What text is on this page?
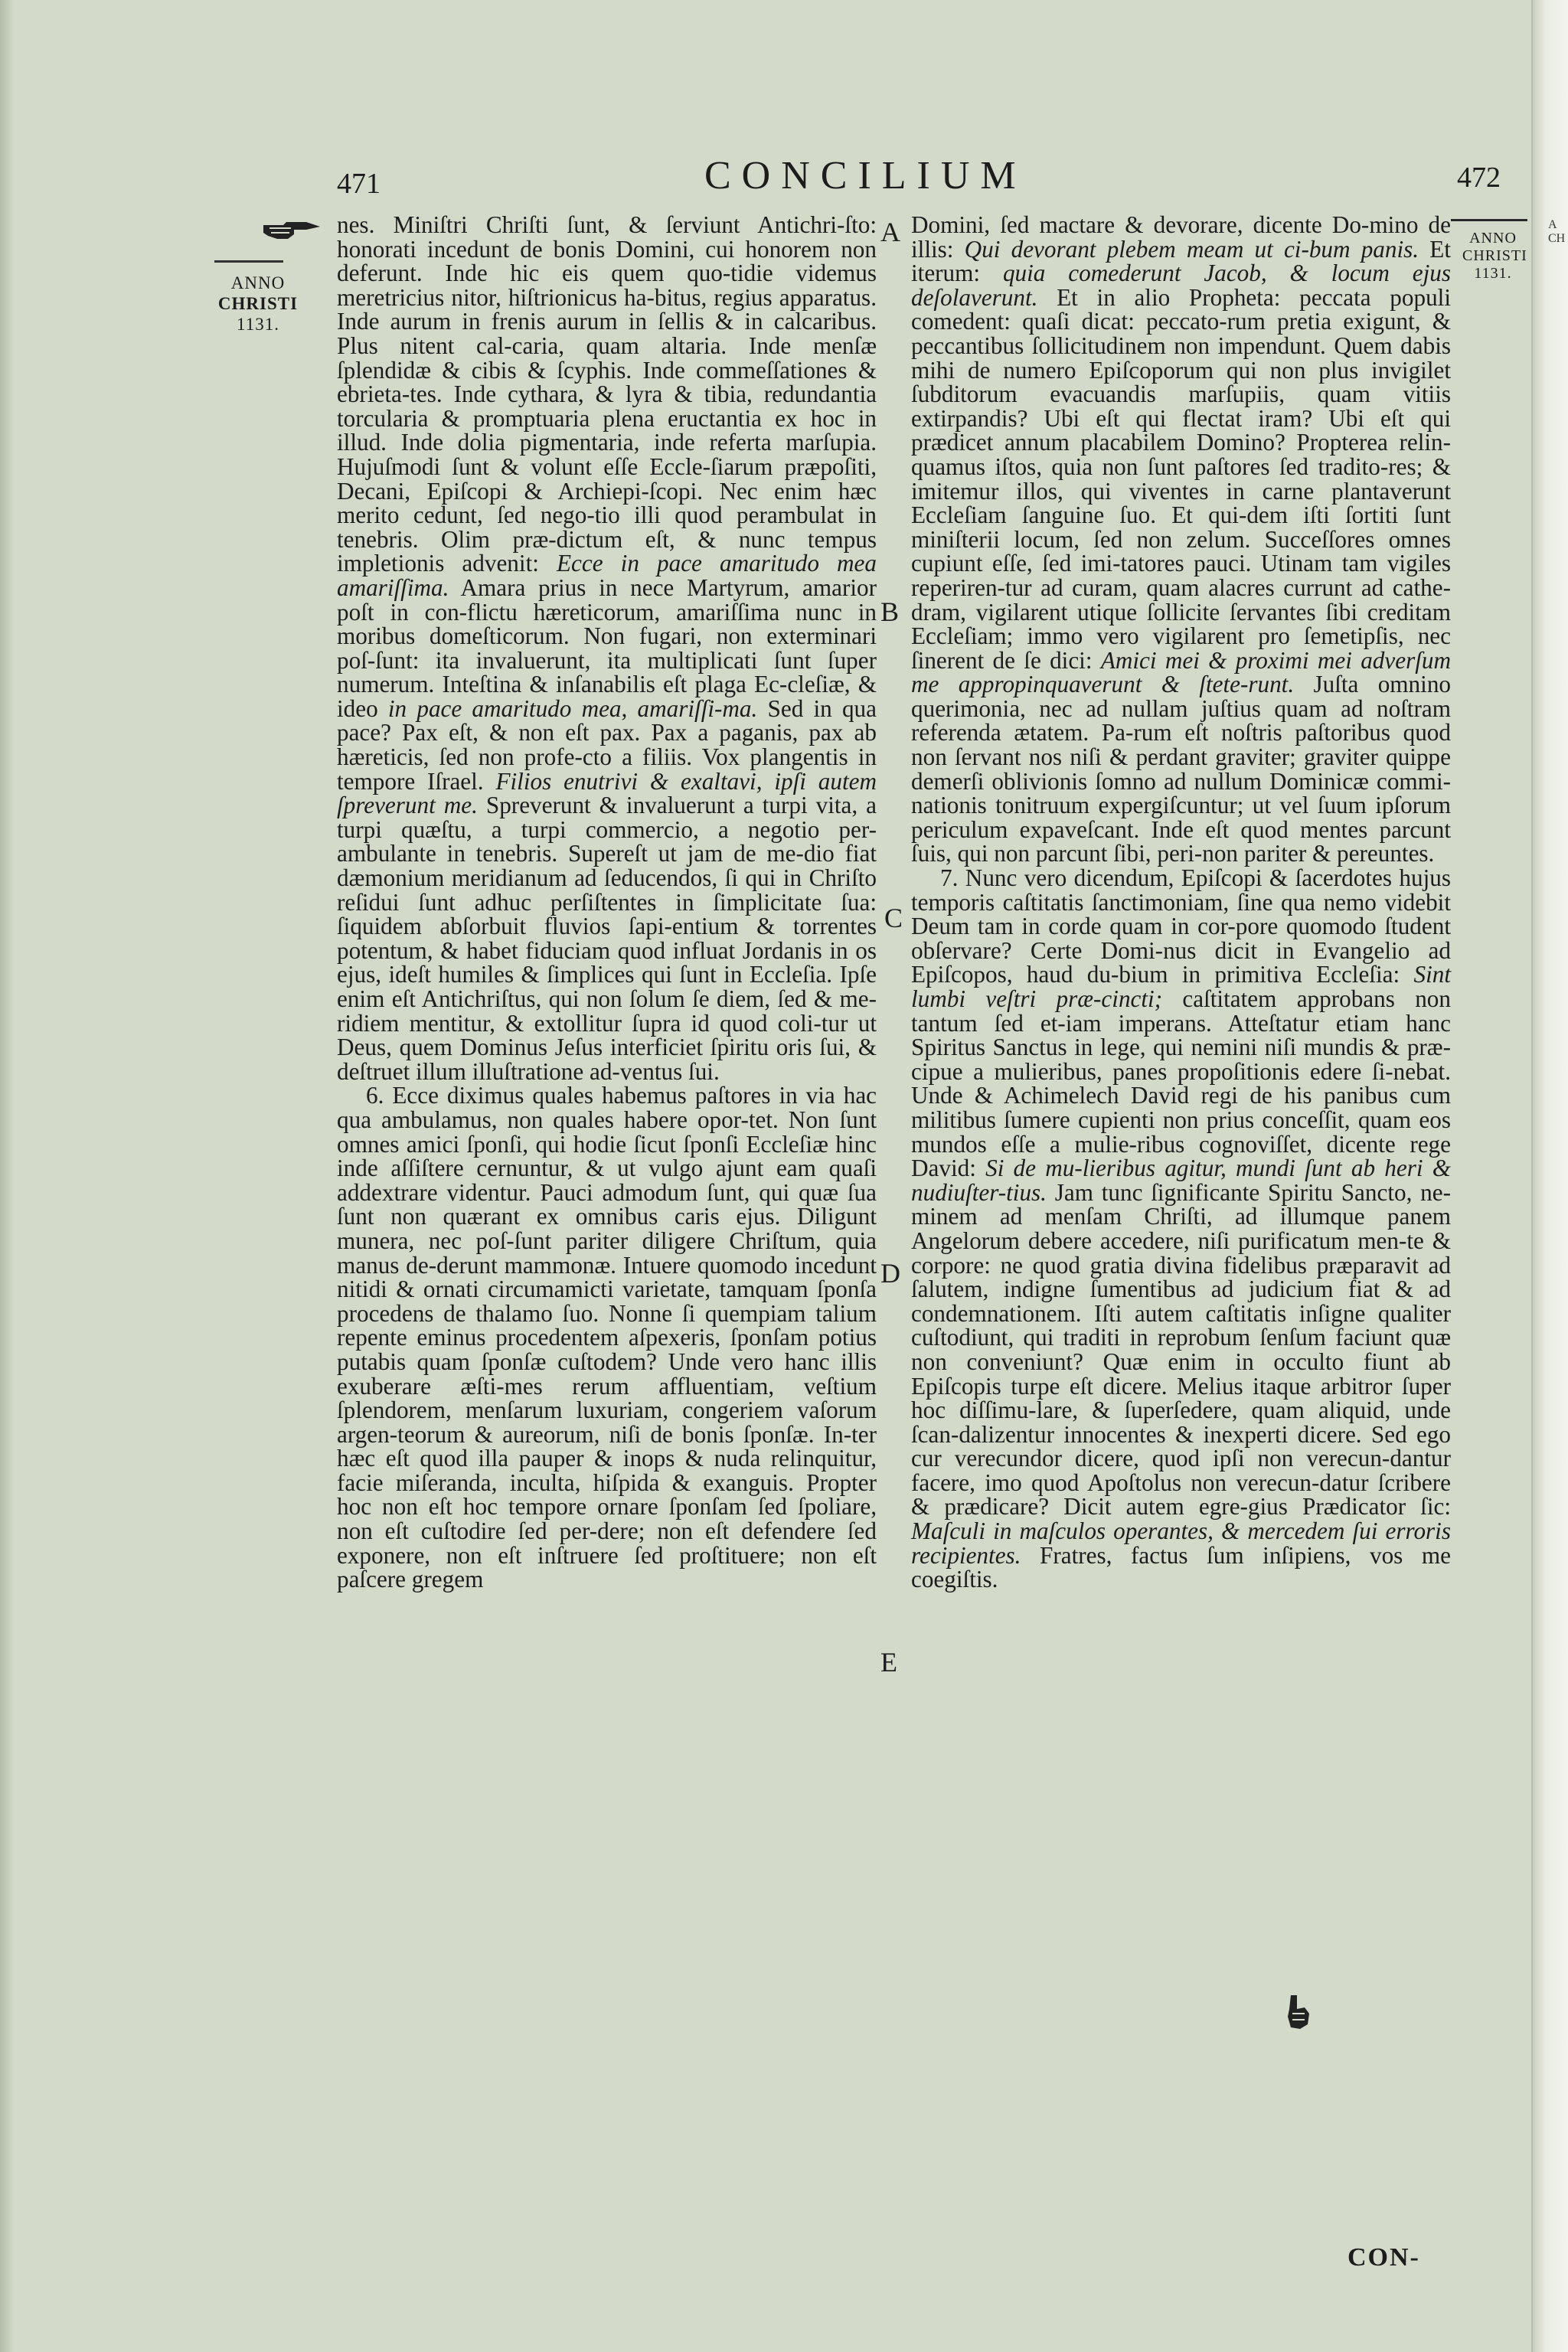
A
CH
471	CONCILIUM	472
ANNO
CHRISTI
1131.
ANNO
CHRISTI
1131.
A
B
C
D
E

nes. Miniſtri Chriſti ſunt, & ſerviunt Antichri-ſto: honorati incedunt de bonis Domini, cui honorem non deferunt. Inde hic eis quem quo-tidie videmus meretricius nitor, hiſtrionicus ha-bitus, regius apparatus. Inde aurum in frenis aurum in ſellis & in calcaribus. Plus nitent cal-caria, quam altaria. Inde menſæ ſplendidæ & cibis & ſcyphis. Inde commeſſationes & ebrieta-tes. Inde cythara, & lyra & tibia, redundantia torcularia & promptuaria plena eructantia ex hoc in illud. Inde dolia pigmentaria, inde referta marſupia. Hujuſmodi ſunt & volunt eſſe Eccle-ſiarum præpoſiti, Decani, Epiſcopi & Archiepi-ſcopi. Nec enim hæc merito cedunt, ſed nego-tio illi quod perambulat in tenebris. Olim præ-dictum eſt, & nunc tempus impletionis advenit: Ecce in pace amaritudo mea amariſſima. Amara prius in nece Martyrum, amarior poſt in con-flictu hæreticorum, amariſſima nunc in moribus domeſticorum. Non fugari, non exterminari poſ-ſunt: ita invaluerunt, ita multiplicati ſunt ſuper numerum. Inteſtina & inſanabilis eſt plaga Ec-cleſiæ, & ideo in pace amaritudo mea, amariſſi-ma. Sed in qua pace? Pax eſt, & non eſt pax. Pax a paganis, pax ab hæreticis, ſed non profe-cto a filiis. Vox plangentis in tempore Iſrael. Filios enutrivi & exaltavi, ipſi autem ſpreverunt me. Spreverunt & invaluerunt a turpi vita, a turpi quæſtu, a turpi commercio, a negotio per-ambulante in tenebris. Supereſt ut jam de me-dio fiat dæmonium meridianum ad ſeducendos, ſi qui in Chriſto reſidui ſunt adhuc perſiſtentes in ſimplicitate ſua: ſiquidem abſorbuit fluvios ſapi-entium & torrentes potentum, & habet fiduciam quod influat Jordanis in os ejus, ideſt humiles & ſimplices qui ſunt in Eccleſia. Ipſe enim eſt Antichriſtus, qui non ſolum ſe diem, ſed & me-ridiem mentitur, & extollitur ſupra id quod coli-tur ut Deus, quem Dominus Jeſus interficiet ſpiritu oris ſui, & deſtruet illum illuſtratione ad-ventus ſui.

6. Ecce diximus quales habemus paſtores in via hac qua ambulamus, non quales habere opor-tet. Non ſunt omnes amici ſponſi, qui hodie ſicut ſponſi Eccleſiæ hinc inde aſſiſtere cernuntur, & ut vulgo ajunt eam quaſi addextrare videntur. Pauci admodum ſunt, qui quæ ſua ſunt non quærant ex omnibus caris ejus. Diligunt munera, nec poſ-ſunt pariter diligere Chriſtum, quia manus de-derunt mammonæ. Intuere quomodo incedunt nitidi & ornati circumamicti varietate, tamquam ſponſa procedens de thalamo ſuo. Nonne ſi quempiam talium repente eminus procedentem aſpexeris, ſponſam potius putabis quam ſponſæ cuſtodem? Unde vero hanc illis exuberare æſti-mes rerum affluentiam, veſtium ſplendorem, menſarum luxuriam, congeriem vaſorum argen-teorum & aureorum, niſi de bonis ſponſæ. In-ter hæc eſt quod illa pauper & inops & nuda relinquitur, facie miſeranda, inculta, hiſpida & exanguis. Propter hoc non eſt hoc tempore ornare ſponſam ſed ſpoliare, non eſt cuſtodire ſed per-dere; non eſt defendere ſed exponere, non eſt inſtruere ſed proſtituere; non eſt paſcere gregem

Domini, ſed mactare & devorare, dicente Do-mino de illis: Qui devorant plebem meam ut ci-bum panis. Et iterum: quia comederunt Jacob, & locum ejus deſolaverunt. Et in alio Propheta: peccata populi comedent: quaſi dicat: peccato-rum pretia exigunt, & peccantibus ſollicitudinem non impendunt. Quem dabis mihi de numero Epiſcoporum qui non plus invigilet ſubditorum evacuandis marſupiis, quam vitiis extirpandis? Ubi eſt qui flectat iram? Ubi eſt qui prædicet annum placabilem Domino? Propterea relin-quamus iſtos, quia non ſunt paſtores ſed tradito-res; & imitemur illos, qui viventes in carne plantaverunt Eccleſiam ſanguine ſuo. Et qui-dem iſti ſortiti ſunt miniſterii locum, ſed non zelum. Succeſſores omnes cupiunt eſſe, ſed imi-tatores pauci. Utinam tam vigiles reperiren-tur ad curam, quam alacres currunt ad cathe-dram, vigilarent utique ſollicite ſervantes ſibi creditam Eccleſiam; immo vero vigilarent pro ſemetipſis, nec ſinerent de ſe dici: Amici mei & proximi mei adverſum me appropinquaverunt & ſtete-runt. Juſta omnino querimonia, nec ad nullam juſtius quam ad noſtram referenda ætatem. Pa-rum eſt noſtris paſtoribus quod non ſervant nos niſi & perdant graviter; graviter quippe demerſi oblivionis ſomno ad nullum Dominicæ commi-nationis tonitruum expergiſcuntur; ut vel ſuum ipſorum periculum expaveſcant. Inde eſt quod mentes parcunt ſuis, qui non parcunt ſibi, peri-non pariter & pereuntes.

7. Nunc vero dicendum, Epiſcopi & ſacerdotes hujus temporis caſtitatis ſanctimoniam, ſine qua nemo videbit Deum tam in corde quam in cor-pore quomodo ſtudent obſervare? Certe Domi-nus dicit in Evangelio ad Epiſcopos, haud du-bium in primitiva Eccleſia: Sint lumbi veſtri præ-cincti; caſtitatem approbans non tantum ſed et-iam imperans. Atteſtatur etiam hanc Spiritus Sanctus in lege, qui nemini niſi mundis & præ-cipue a mulieribus, panes propoſitionis edere ſi-nebat. Unde & Achimelech David regi de his panibus cum militibus ſumere cupienti non prius conceſſit, quam eos mundos eſſe a mulie-ribus cognoviſſet, dicente rege David: Si de mu-lieribus agitur, mundi ſunt ab heri & nudiuſter-tius. Jam tunc ſignificante Spiritu Sancto, ne-minem ad menſam Chriſti, ad illumque panem Angelorum debere accedere, niſi purificatum men-te & corpore: ne quod gratia divina fidelibus præparavit ad ſalutem, indigne ſumentibus ad judicium fiat & ad condemnationem. Iſti autem caſtitatis inſigne qualiter cuſtodiunt, qui traditi in reprobum ſenſum faciunt quæ non conveniunt? Quæ enim in occulto fiunt ab Epiſcopis turpe eſt dicere. Melius itaque arbitror ſuper hoc diſſimu-lare, & ſuperſedere, quam aliquid, unde ſcan-dalizentur innocentes & inexperti dicere. Sed ego cur verecundor dicere, quod ipſi non verecun-dantur facere, imo quod Apoſtolus non verecun-datur ſcribere & prædicare? Dicit autem egre-gius Prædicator ſic: Maſculi in maſculos operantes, & mercedem ſui erroris recipientes. Fratres, factus ſum inſipiens, vos me coegiſtis.

CON-
